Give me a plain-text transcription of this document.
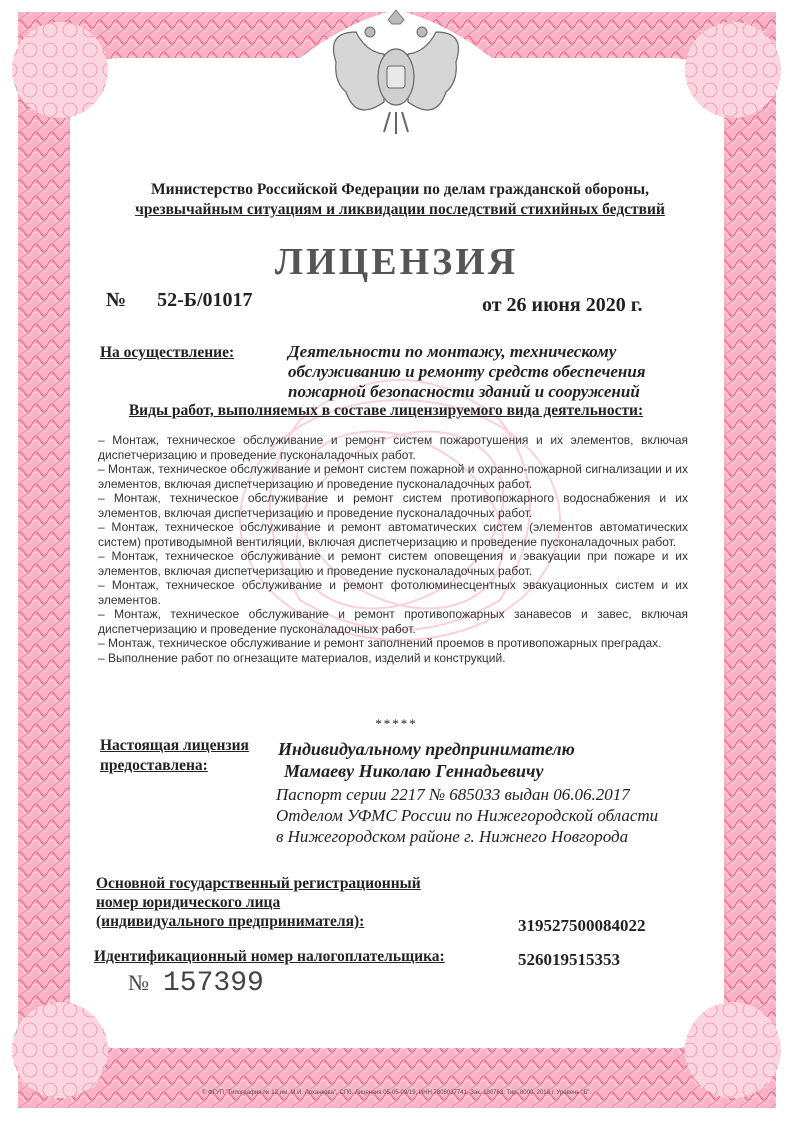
Министерство Российской Федерации по делам гражданской обороны,
чрезвычайным ситуациям и ликвидации последствий стихийных бедствий
ЛИЦЕНЗИЯ
№ 52-Б/01017	от 26 июня 2020 г.
На осуществление:	Деятельности по монтажу, техническому
обслуживанию и ремонту средств обеспечения
пожарной безопасности зданий и сооружений
Виды работ, выполняемых в составе лицензируемого вида деятельности:
– Монтаж, техническое обслуживание и ремонт систем пожаротушения и их элементов, включая диспетчеризацию и проведение пусконаладочных работ.
– Монтаж, техническое обслуживание и ремонт систем пожарной и охранно-пожарной сигнализации и их элементов, включая диспетчеризацию и проведение пусконаладочных работ.
– Монтаж, техническое обслуживание и ремонт систем противопожарного водоснабжения и их элементов, включая диспетчеризацию и проведение пусконаладочных работ.
– Монтаж, техническое обслуживание и ремонт автоматических систем (элементов автоматических систем) противодымной вентиляции, включая диспетчеризацию и проведение пусконаладочных работ.
– Монтаж, техническое обслуживание и ремонт систем оповещения и эвакуации при пожаре и их элементов, включая диспетчеризацию и проведение пусконаладочных работ.
– Монтаж, техническое обслуживание и ремонт фотолюминесцентных эвакуационных систем и их элементов.
– Монтаж, техническое обслуживание и ремонт противопожарных занавесов и завес, включая диспетчеризацию и проведение пусконаладочных работ.
– Монтаж, техническое обслуживание и ремонт заполнений проемов в противопожарных преградах.
– Выполнение работ по огнезащите материалов, изделий и конструкций.
*****
Настоящая лицензия
предоставлена:
Индивидуальному предпринимателю
Мамаеву Николаю Геннадьевичу
Паспорт серии 2217 № 685033 выдан 06.06.2017
Отделом УФМС России по Нижегородской области
в Нижегородском районе г. Нижнего Новгорода
Основной государственный регистрационный
номер юридического лица
(индивидуального предпринимателя):	319527500084022
Идентификационный номер налогоплательщика:	526019515353
№ 157399
© ФГУП "Типография № 12 им. М.И. Лоханкова", СПб. Лицензия 05-05-09/19, ИНН 7808037741. Зак. 180763. Тир. 8000. 2018 г. Уровень "Б".
